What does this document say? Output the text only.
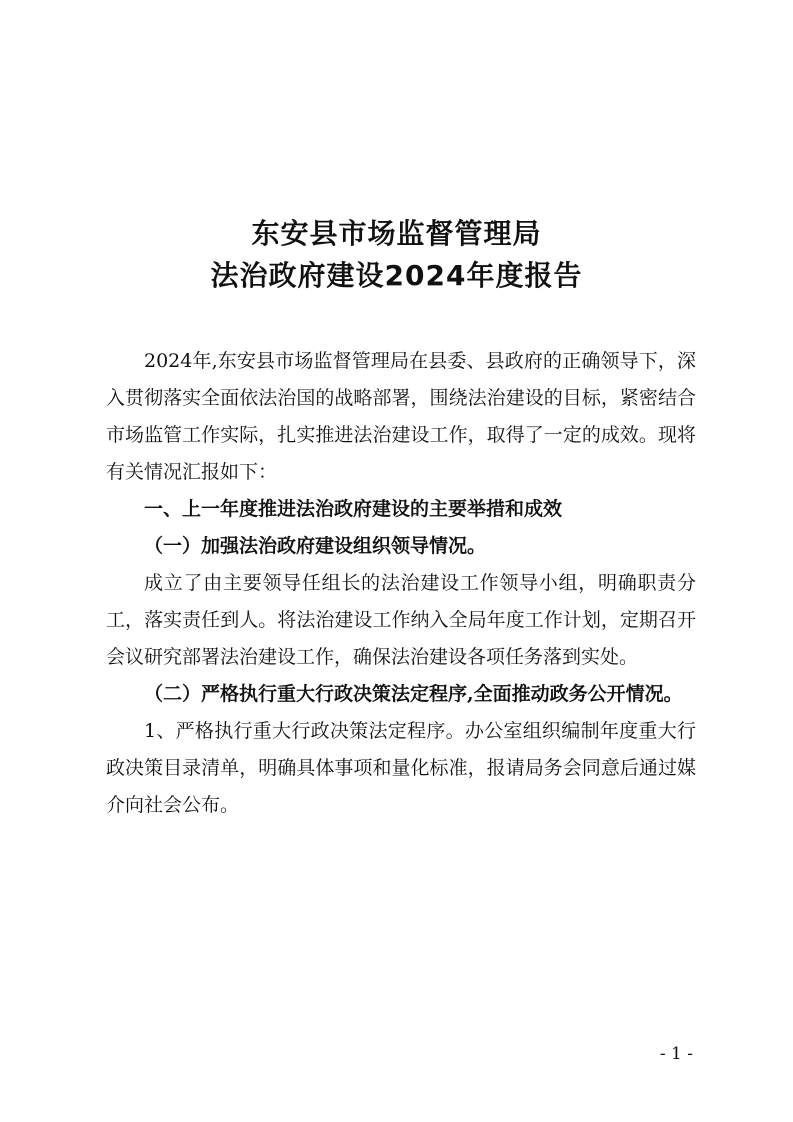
东安县市场监督管理局
法治政府建设2024年度报告

2024年,东安县市场监督管理局在县委、县政府的正确领导下，深入贯彻落实全面依法治国的战略部署，围绕法治建设的目标，紧密结合市场监管工作实际，扎实推进法治建设工作，取得了一定的成效。现将有关情况汇报如下：

一、上一年度推进法治政府建设的主要举措和成效

（一）加强法治政府建设组织领导情况。

成立了由主要领导任组长的法治建设工作领导小组，明确职责分工，落实责任到人。将法治建设工作纳入全局年度工作计划，定期召开会议研究部署法治建设工作，确保法治建设各项任务落到实处。

（二）严格执行重大行政决策法定程序,全面推动政务公开情况。

1、严格执行重大行政决策法定程序。办公室组织编制年度重大行政决策目录清单，明确具体事项和量化标准，报请局务会同意后通过媒介向社会公布。

- 1 -
